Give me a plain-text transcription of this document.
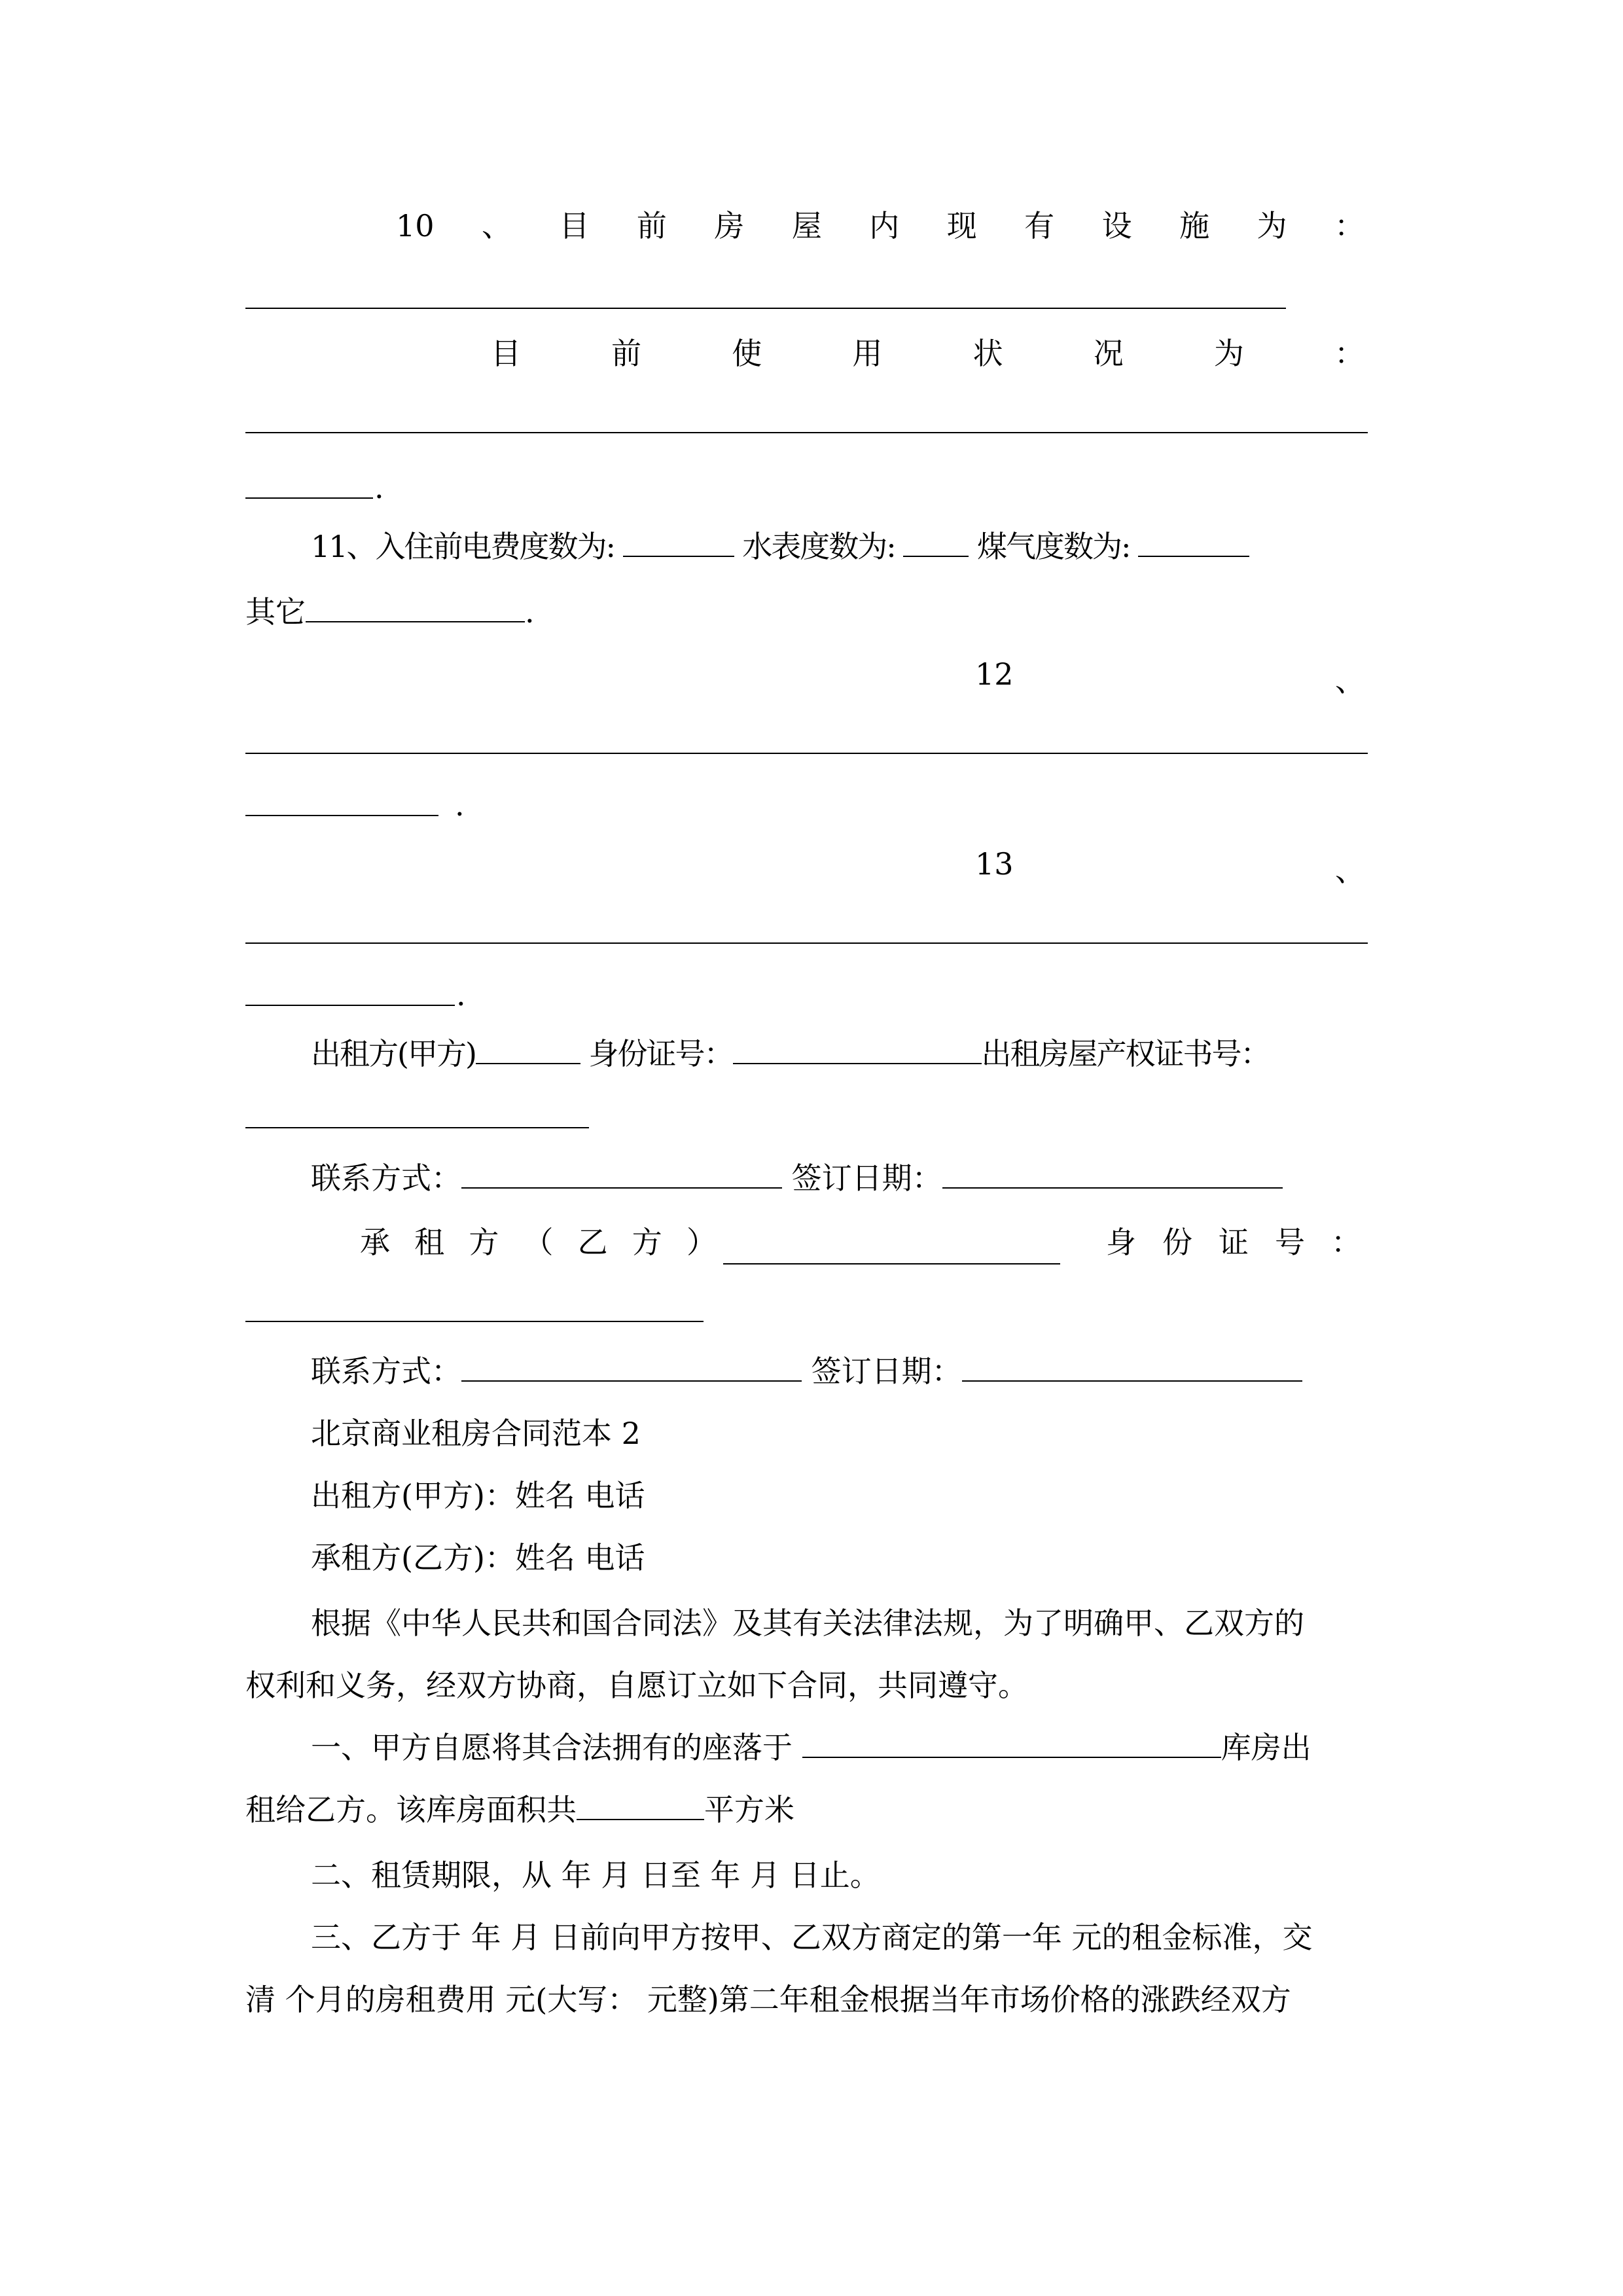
10 、 目 前 房 屋 内 现 有 设 施 为 ：
目	前	使	用	状	况	为	：
.
11、入住前电费度数为:	水表度数为:	煤气度数为:
其它	.
12	、
.
13	、
.
出租方(甲方)	身份证号：	出租房屋产权证书号：
联系方式：	签订日期：
承 租 方 （ 乙 方 ）	身 份 证 号 ：
联系方式：	签订日期：
北京商业租房合同范本 2
出租方(甲方)：姓名 电话
承租方(乙方)：姓名 电话
根据《中华人民共和国合同法》及其有关法律法规，为了明确甲、乙双方的
权利和义务，经双方协商，自愿订立如下合同，共同遵守。
一、甲方自愿将其合法拥有的座落于	库房出
租给乙方。该库房面积共	平方米
二、租赁期限，从 年 月 日至 年 月 日止。
三、乙方于 年 月 日前向甲方按甲、乙双方商定的第一年 元的租金标准，交
清 个月的房租费用 元(大写： 元整)第二年租金根据当年市场价格的涨跌经双方
